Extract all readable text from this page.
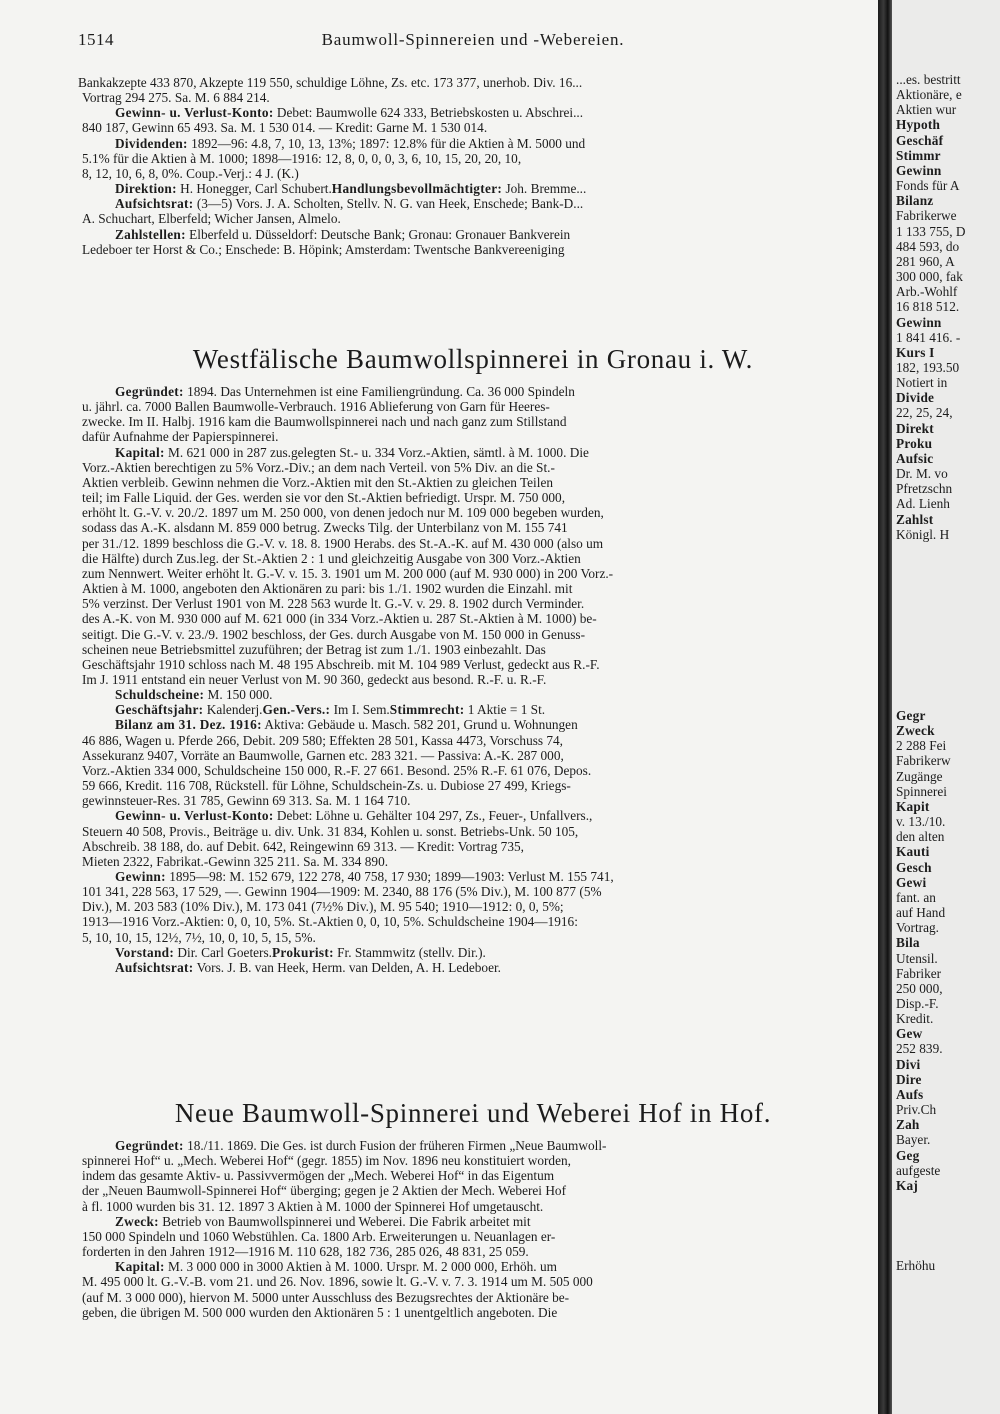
1514	Baumwoll-Spinnereien und -Webereien.

Bankakzepte 433 870, Akzepte 119 550, schuldige Löhne, Zs. etc. 173 377, unerhob. Div. 16...

Vortrag 294 275. Sa. M. 6 884 214.

Gewinn- u. Verlust-Konto: Debet: Baumwolle 624 333, Betriebskosten u. Abschrei...

840 187, Gewinn 65 493. Sa. M. 1 530 014. — Kredit: Garne M. 1 530 014.

Dividenden: 1892—96: 4.8, 7, 10, 13, 13%; 1897: 12.8% für die Aktien à M. 5000 und

5.1% für die Aktien à M. 1000; 1898—1916: 12, 8, 0, 0, 0, 3, 6, 10, 15, 20, 20, 10,

8, 12, 10, 6, 8, 0%. Coup.-Verj.: 4 J. (K.)

Direktion: H. Honegger, Carl Schubert.Handlungsbevollmächtigter: Joh. Bremme...

Aufsichtsrat: (3—5) Vors. J. A. Scholten, Stellv. N. G. van Heek, Enschede; Bank-D...

A. Schuchart, Elberfeld; Wicher Jansen, Almelo.

Zahlstellen: Elberfeld u. Düsseldorf: Deutsche Bank; Gronau: Gronauer Bankverein

Ledeboer ter Horst & Co.; Enschede: B. Höpink; Amsterdam: Twentsche Bankvereeniging

Westfälische Baumwollspinnerei in Gronau i. W.

Gegründet: 1894. Das Unternehmen ist eine Familiengründung. Ca. 36 000 Spindeln

u. jährl. ca. 7000 Ballen Baumwolle-Verbrauch. 1916 Ablieferung von Garn für Heeres-

zwecke. Im II. Halbj. 1916 kam die Baumwollspinnerei nach und nach ganz zum Stillstand

dafür Aufnahme der Papierspinnerei.

Kapital: M. 621 000 in 287 zus.gelegten St.- u. 334 Vorz.-Aktien, sämtl. à M. 1000. Die

Vorz.-Aktien berechtigen zu 5% Vorz.-Div.; an dem nach Verteil. von 5% Div. an die St.-

Aktien verbleib. Gewinn nehmen die Vorz.-Aktien mit den St.-Aktien zu gleichen Teilen

teil; im Falle Liquid. der Ges. werden sie vor den St.-Aktien befriedigt. Urspr. M. 750 000,

erhöht lt. G.-V. v. 20./2. 1897 um M. 250 000, von denen jedoch nur M. 109 000 begeben wurden,

sodass das A.-K. alsdann M. 859 000 betrug. Zwecks Tilg. der Unterbilanz von M. 155 741

per 31./12. 1899 beschloss die G.-V. v. 18. 8. 1900 Herabs. des St.-A.-K. auf M. 430 000 (also um

die Hälfte) durch Zus.leg. der St.-Aktien 2 : 1 und gleichzeitig Ausgabe von 300 Vorz.-Aktien

zum Nennwert. Weiter erhöht lt. G.-V. v. 15. 3. 1901 um M. 200 000 (auf M. 930 000) in 200 Vorz.-

Aktien à M. 1000, angeboten den Aktionären zu pari: bis 1./1. 1902 wurden die Einzahl. mit

5% verzinst. Der Verlust 1901 von M. 228 563 wurde lt. G.-V. v. 29. 8. 1902 durch Verminder.

des A.-K. von M. 930 000 auf M. 621 000 (in 334 Vorz.-Aktien u. 287 St.-Aktien à M. 1000) be-

seitigt. Die G.-V. v. 23./9. 1902 beschloss, der Ges. durch Ausgabe von M. 150 000 in Genuss-

scheinen neue Betriebsmittel zuzuführen; der Betrag ist zum 1./1. 1903 einbezahlt. Das

Geschäftsjahr 1910 schloss nach M. 48 195 Abschreib. mit M. 104 989 Verlust, gedeckt aus R.-F.

Im J. 1911 entstand ein neuer Verlust von M. 90 360, gedeckt aus besond. R.-F. u. R.-F.

Schuldscheine: M. 150 000.

Geschäftsjahr: Kalenderj.Gen.-Vers.: Im I. Sem.Stimmrecht: 1 Aktie = 1 St.

Bilanz am 31. Dez. 1916: Aktiva: Gebäude u. Masch. 582 201, Grund u. Wohnungen

46 886, Wagen u. Pferde 266, Debit. 209 580; Effekten 28 501, Kassa 4473, Vorschuss 74,

Assekuranz 9407, Vorräte an Baumwolle, Garnen etc. 283 321. — Passiva: A.-K. 287 000,

Vorz.-Aktien 334 000, Schuldscheine 150 000, R.-F. 27 661. Besond. 25% R.-F. 61 076, Depos.

59 666, Kredit. 116 708, Rückstell. für Löhne, Schuldschein-Zs. u. Dubiose 27 499, Kriegs-

gewinnsteuer-Res. 31 785, Gewinn 69 313. Sa. M. 1 164 710.

Gewinn- u. Verlust-Konto: Debet: Löhne u. Gehälter 104 297, Zs., Feuer-, Unfallvers.,

Steuern 40 508, Provis., Beiträge u. div. Unk. 31 834, Kohlen u. sonst. Betriebs-Unk. 50 105,

Abschreib. 38 188, do. auf Debit. 642, Reingewinn 69 313. — Kredit: Vortrag 735,

Mieten 2322, Fabrikat.-Gewinn 325 211. Sa. M. 334 890.

Gewinn: 1895—98: M. 152 679, 122 278, 40 758, 17 930; 1899—1903: Verlust M. 155 741,

101 341, 228 563, 17 529, —. Gewinn 1904—1909: M. 2340, 88 176 (5% Div.), M. 100 877 (5%

Div.), M. 203 583 (10% Div.), M. 173 041 (7½% Div.), M. 95 540; 1910—1912: 0, 0, 5%;

1913—1916 Vorz.-Aktien: 0, 0, 10, 5%. St.-Aktien 0, 0, 10, 5%. Schuldscheine 1904—1916:

5, 10, 10, 15, 12½, 7½, 10, 0, 10, 5, 15, 5%.

Vorstand: Dir. Carl Goeters.Prokurist: Fr. Stammwitz (stellv. Dir.).

Aufsichtsrat: Vors. J. B. van Heek, Herm. van Delden, A. H. Ledeboer.

Neue Baumwoll-Spinnerei und Weberei Hof in Hof.

Gegründet: 18./11. 1869. Die Ges. ist durch Fusion der früheren Firmen „Neue Baumwoll-

spinnerei Hof“ u. „Mech. Weberei Hof“ (gegr. 1855) im Nov. 1896 neu konstituiert worden,

indem das gesamte Aktiv- u. Passivvermögen der „Mech. Weberei Hof“ in das Eigentum

der „Neuen Baumwoll-Spinnerei Hof“ überging; gegen je 2 Aktien der Mech. Weberei Hof

à fl. 1000 wurden bis 31. 12. 1897 3 Aktien à M. 1000 der Spinnerei Hof umgetauscht.

Zweck: Betrieb von Baumwollspinnerei und Weberei. Die Fabrik arbeitet mit

150 000 Spindeln und 1060 Webstühlen. Ca. 1800 Arb. Erweiterungen u. Neuanlagen er-

forderten in den Jahren 1912—1916 M. 110 628, 182 736, 285 026, 48 831, 25 059.

Kapital: M. 3 000 000 in 3000 Aktien à M. 1000. Urspr. M. 2 000 000, Erhöh. um

M. 495 000 lt. G.-V.-B. vom 21. und 26. Nov. 1896, sowie lt. G.-V. v. 7. 3. 1914 um M. 505 000

(auf M. 3 000 000), hiervon M. 5000 unter Ausschluss des Bezugsrechtes der Aktionäre be-

geben, die übrigen M. 500 000 wurden den Aktionären 5 : 1 unentgeltlich angeboten. Die

...es. bestritt

Aktionäre, e

Aktien wur

Hypoth

Geschäf

Stimmr

Gewinn

Fonds für A

Bilanz

Fabrikerwe

1 133 755, D

484 593, do

281 960, A

300 000, fak

Arb.-Wohlf

16 818 512.

Gewinn

1 841 416. -

Kurs I

182, 193.50

Notiert in

Divide

22, 25, 24,

Direkt

Proku

Aufsic

Dr. M. vo

Pfretzschn

Ad. Lienh

Zahlst

Königl. H

Gegr

Zweck

2 288 Fei

Fabrikerw

Zugänge

Spinnerei

Kapit

v. 13./10.

den alten

Kauti

Gesch

Gewi

fant. an

auf Hand

Vortrag.

Bila

Utensil.

Fabriker

250 000,

Disp.-F.

Kredit.

Gew

252 839.

Divi

Dire

Aufs

Priv.Ch

Zah

Bayer.

Geg

aufgeste

Kaj

Erhöhu
